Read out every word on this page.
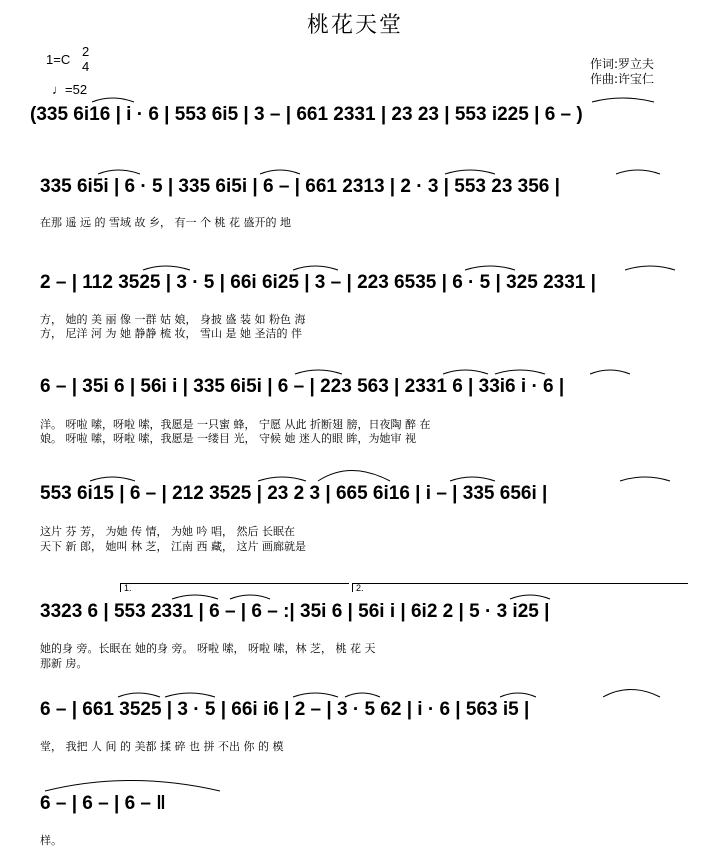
桃花天堂
1=C
2
4
♩=52
作词:罗立夫
作曲:许宝仁
(335 6i16 | i · 6 | 553 6i5 | 3 – | 661 2331 | 23 23 | 553 i225 | 6 – )
335 6i5i | 6 · 5 | 335 6i5i | 6 – | 661 2313 | 2 · 3 | 553 23 356 |
在那 遥 远 的 雪域 故 乡， 有一 个 桃 花 盛开的 地
2 – | 112 3525 | 3 · 5 | 66i 6i25 | 3 – | 223 6535 | 6 · 5 | 325 2331 |
方， 她的 美 丽 像 一群 姑 娘， 身披 盛 装 如 粉色 海
方， 尼洋 河 为 她 静静 梳 妆， 雪山 是 她 圣洁的 伴
6 – | 35i 6 | 56i i | 335 6i5i | 6 – | 223 563 | 2331 6 | 33i6 i · 6 |
洋。 呀啦 嗦，呀啦 嗦，我愿是 一只蜜 蜂， 宁愿 从此 折断翅 膀，日夜陶 醉 在
娘。 呀啦 嗦，呀啦 嗦，我愿是 一缕目 光， 守候 她 迷人的眼 眸，为她审 视
553 6i15 | 6 – | 212 3525 | 23 2 3 | 665 6i16 | i – | 335 656i |
这片 芬 芳， 为她 传 情， 为她 吟 唱， 然后 长眠在
天下 新 郎， 她叫 林 芝， 江南 西 藏， 这片 画廊就是
1.	2.
3323 6 | 553 2331 | 6 – | 6 – :| 35i 6 | 56i i | 6i2 2 | 5 · 3 i25 |
她的身 旁。长眠在 她的身 旁。 呀啦 嗦， 呀啦 嗦，林 芝， 桃 花 天
那新 房。
6 – | 661 3525 | 3 · 5 | 66i i6 | 2 – | 3 · 5 62 | i · 6 | 563 i5 |
堂， 我把 人 间 的 美都 揉 碎 也 拼 不出 你 的 模
6 – | 6 – | 6 – ‖
样。
